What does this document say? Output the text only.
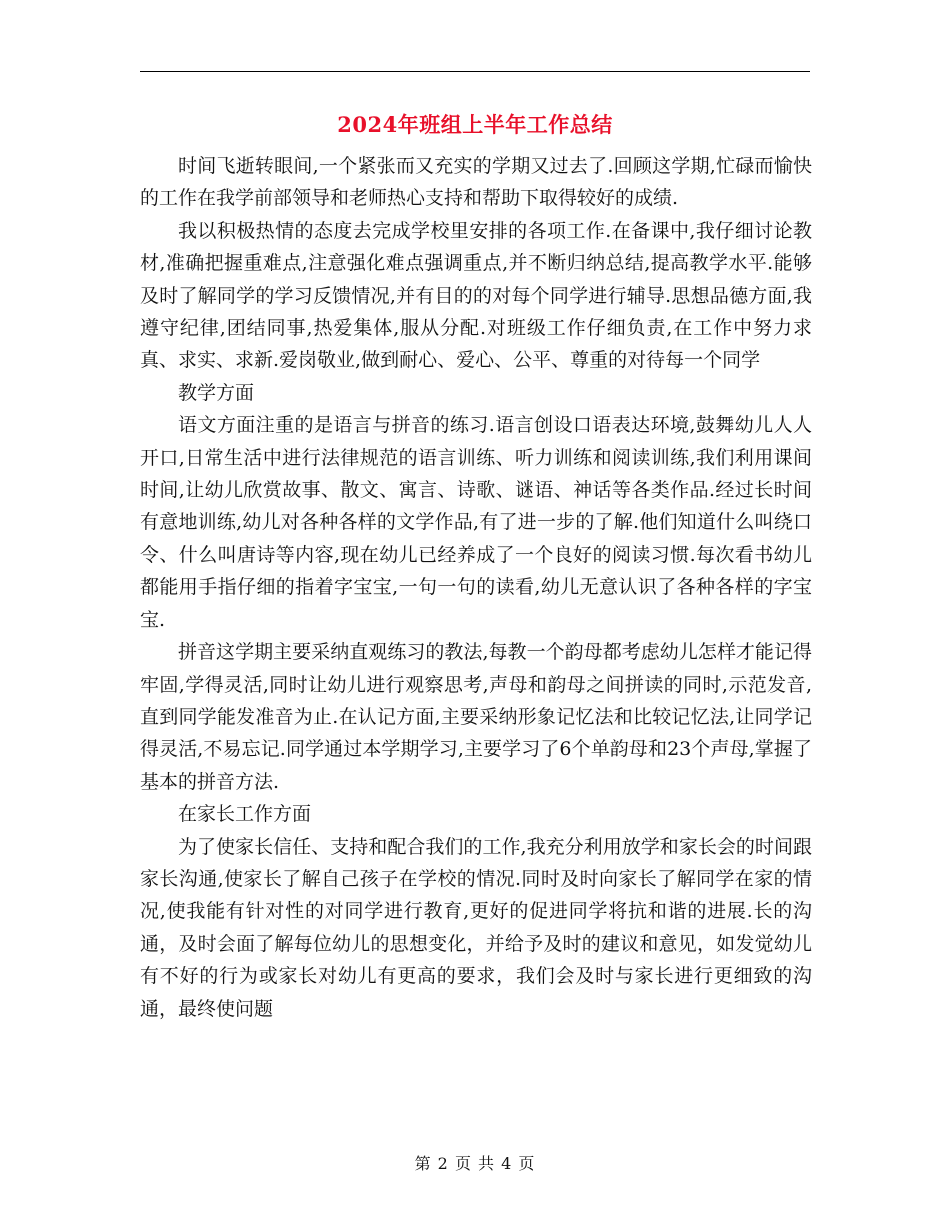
2024年班组上半年工作总结

时间飞逝转眼间,一个紧张而又充实的学期又过去了.回顾这学期,忙碌而愉快的工作在我学前部领导和老师热心支持和帮助下取得较好的成绩.

我以积极热情的态度去完成学校里安排的各项工作.在备课中,我仔细讨论教材,准确把握重难点,注意强化难点强调重点,并不断归纳总结,提高教学水平.能够及时了解同学的学习反馈情况,并有目的的对每个同学进行辅导.思想品德方面,我遵守纪律,团结同事,热爱集体,服从分配.对班级工作仔细负责,在工作中努力求真、求实、求新.爱岗敬业,做到耐心、爱心、公平、尊重的对待每一个同学

教学方面

语文方面注重的是语言与拼音的练习.语言创设口语表达环境,鼓舞幼儿人人开口,日常生活中进行法律规范的语言训练、听力训练和阅读训练,我们利用课间时间,让幼儿欣赏故事、散文、寓言、诗歌、谜语、神话等各类作品.经过长时间有意地训练,幼儿对各种各样的文学作品,有了进一步的了解.他们知道什么叫绕口令、什么叫唐诗等内容,现在幼儿已经养成了一个良好的阅读习惯.每次看书幼儿都能用手指仔细的指着字宝宝,一句一句的读看,幼儿无意认识了各种各样的字宝宝.

拼音这学期主要采纳直观练习的教法,每教一个韵母都考虑幼儿怎样才能记得牢固,学得灵活,同时让幼儿进行观察思考,声母和韵母之间拼读的同时,示范发音,直到同学能发准音为止.在认记方面,主要采纳形象记忆法和比较记忆法,让同学记得灵活,不易忘记.同学通过本学期学习,主要学习了6个单韵母和23个声母,掌握了基本的拼音方法.

在家长工作方面

为了使家长信任、支持和配合我们的工作,我充分利用放学和家长会的时间跟家长沟通,使家长了解自己孩子在学校的情况.同时及时向家长了解同学在家的情况,使我能有针对性的对同学进行教育,更好的促进同学将抗和谐的进展.长的沟通，及时会面了解每位幼儿的思想变化，并给予及时的建议和意见，如发觉幼儿有不好的行为或家长对幼儿有更高的要求，我们会及时与家长进行更细致的沟通，最终使问题

第 2 页 共 4 页
